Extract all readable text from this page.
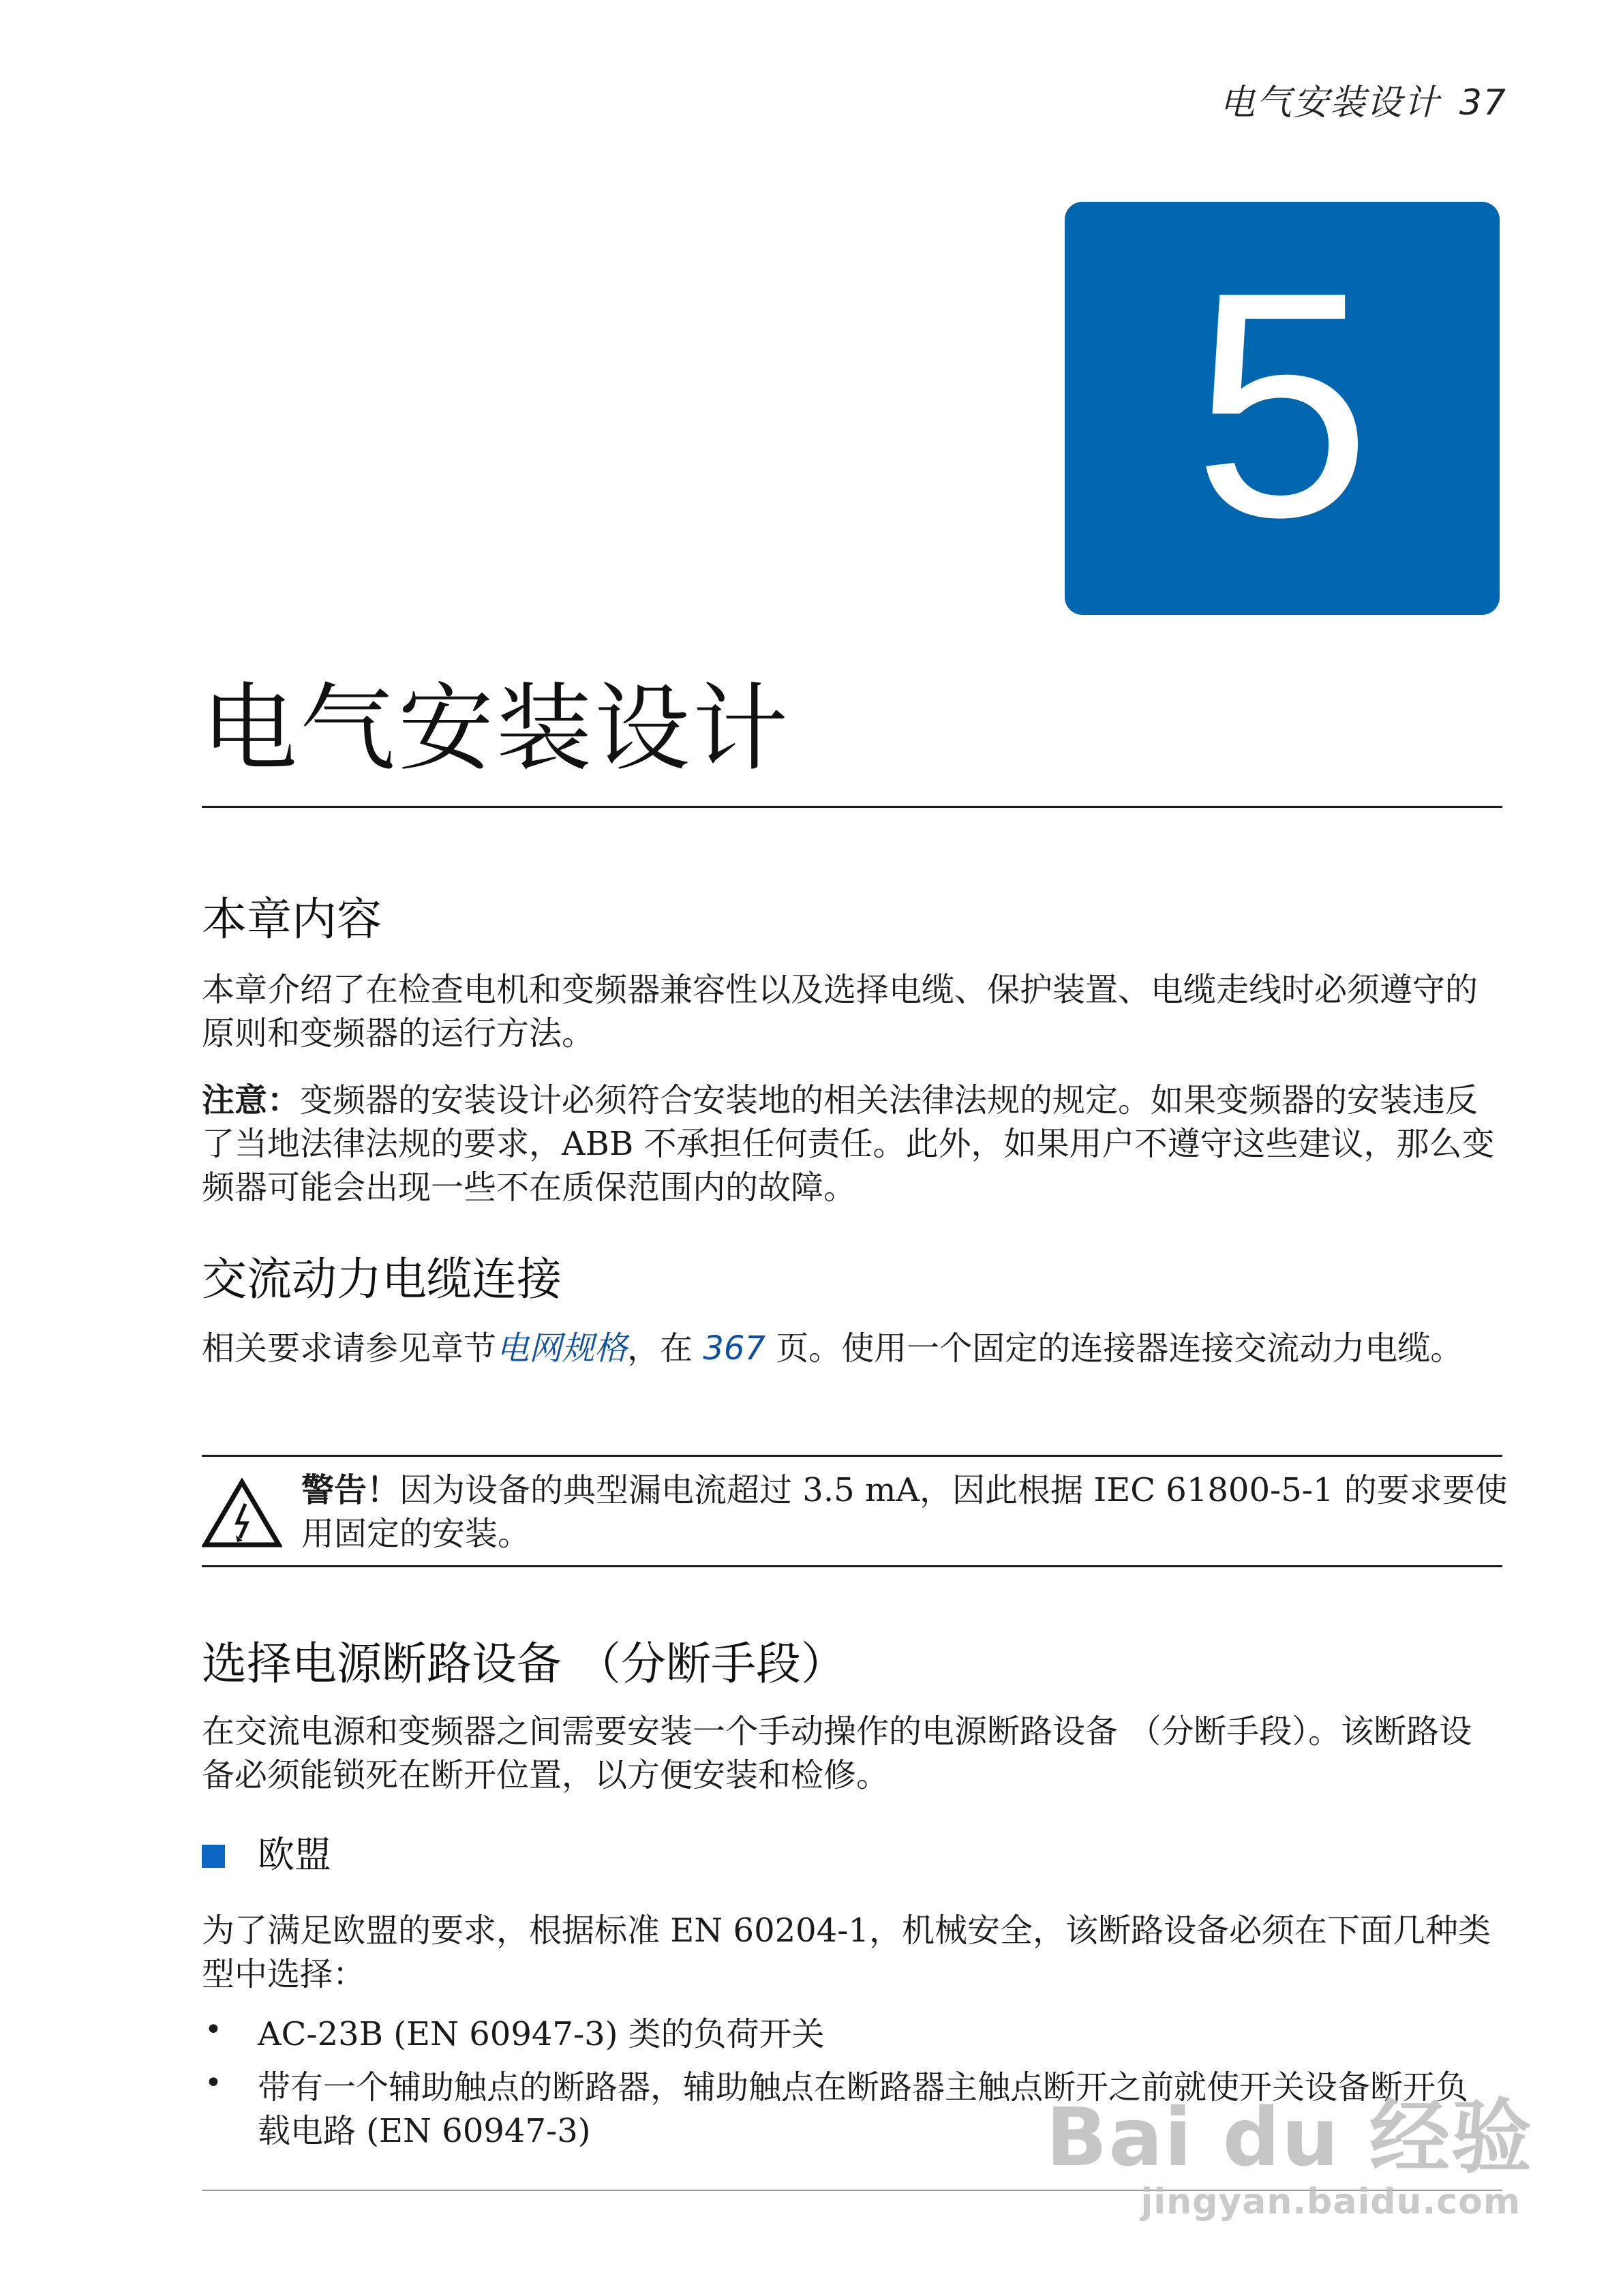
电气安装设计 37
5
电气安装设计
本章内容
本章介绍了在检查电机和变频器兼容性以及选择电缆、保护装置、电缆走线时必须遵守的原则和变频器的运行方法。
注意：变频器的安装设计必须符合安装地的相关法律法规的规定。如果变频器的安装违反了当地法律法规的要求，ABB 不承担任何责任。此外，如果用户不遵守这些建议，那么变频器可能会出现一些不在质保范围内的故障。
交流动力电缆连接
相关要求请参见章节电网规格，在 367 页。使用一个固定的连接器连接交流动力电缆。
警告！因为设备的典型漏电流超过 3.5 mA，因此根据 IEC 61800-5-1 的要求要使用固定的安装。
选择电源断路设备 （分断手段）
在交流电源和变频器之间需要安装一个手动操作的电源断路设备 （分断手段）。该断路设备必须能锁死在断开位置，以方便安装和检修。
欧盟
为了满足欧盟的要求，根据标准 EN 60204-1，机械安全，该断路设备必须在下面几种类型中选择：
• AC-23B (EN 60947-3) 类的负荷开关
• 带有一个辅助触点的断路器，辅助触点在断路器主触点断开之前就使开关设备断开负载电路 (EN 60947-3)	Bai du 经验
jingyan.baidu.com
